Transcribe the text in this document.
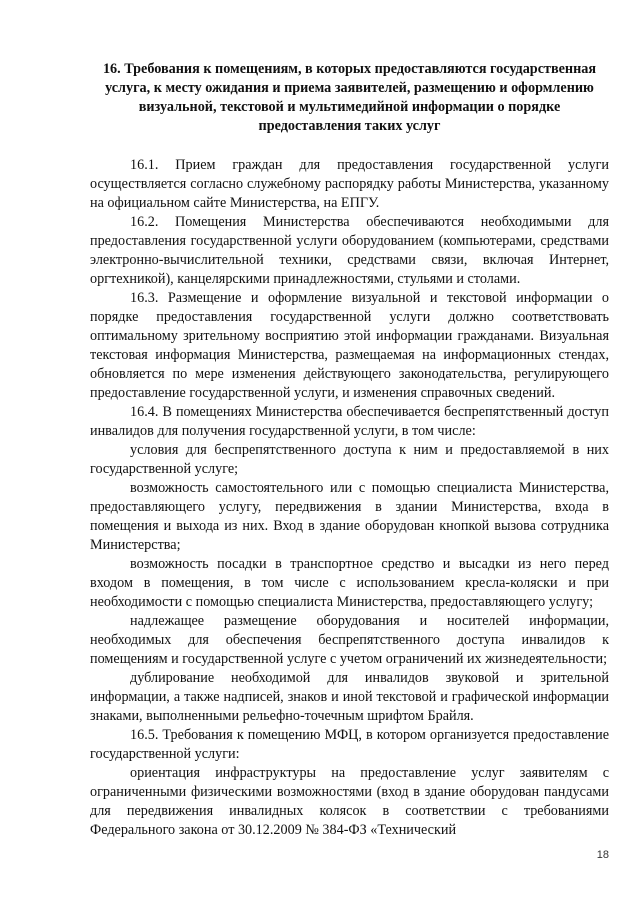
16. Требования к помещениям, в которых предоставляются государственная услуга, к месту ожидания и приема заявителей, размещению и оформлению визуальной, текстовой и мультимедийной информации о порядке предоставления таких услуг

16.1. Прием граждан для предоставления государственной услуги осуществляется согласно служебному распорядку работы Министерства, указанному на официальном сайте Министерства, на ЕПГУ.

16.2. Помещения Министерства обеспечиваются необходимыми для предоставления государственной услуги оборудованием (компьютерами, средствами электронно-вычислительной техники, средствами связи, включая Интернет, оргтехникой), канцелярскими принадлежностями, стульями и столами.

16.3. Размещение и оформление визуальной и текстовой информации о порядке предоставления государственной услуги должно соответствовать оптимальному зрительному восприятию этой информации гражданами. Визуальная текстовая информация Министерства, размещаемая на информационных стендах, обновляется по мере изменения действующего законодательства, регулирующего предоставление государственной услуги, и изменения справочных сведений.

16.4. В помещениях Министерства обеспечивается беспрепятственный доступ инвалидов для получения государственной услуги, в том числе:

условия для беспрепятственного доступа к ним и предоставляемой в них государственной услуге;

возможность самостоятельного или с помощью специалиста Министерства, предоставляющего услугу, передвижения в здании Министерства, входа в помещения и выхода из них. Вход в здание оборудован кнопкой вызова сотрудника Министерства;

возможность посадки в транспортное средство и высадки из него перед входом в помещения, в том числе с использованием кресла-коляски и при необходимости с помощью специалиста Министерства, предоставляющего услугу;

надлежащее размещение оборудования и носителей информации, необходимых для обеспечения беспрепятственного доступа инвалидов к помещениям и государственной услуге с учетом ограничений их жизнедеятельности;

дублирование необходимой для инвалидов звуковой и зрительной информации, а также надписей, знаков и иной текстовой и графической информации знаками, выполненными рельефно-точечным шрифтом Брайля.

16.5. Требования к помещению МФЦ, в котором организуется предоставление государственной услуги:

ориентация инфраструктуры на предоставление услуг заявителям с ограниченными физическими возможностями (вход в здание оборудован пандусами для передвижения инвалидных колясок в соответствии с требованиями Федерального закона от 30.12.2009 № 384-ФЗ «Технический

18
